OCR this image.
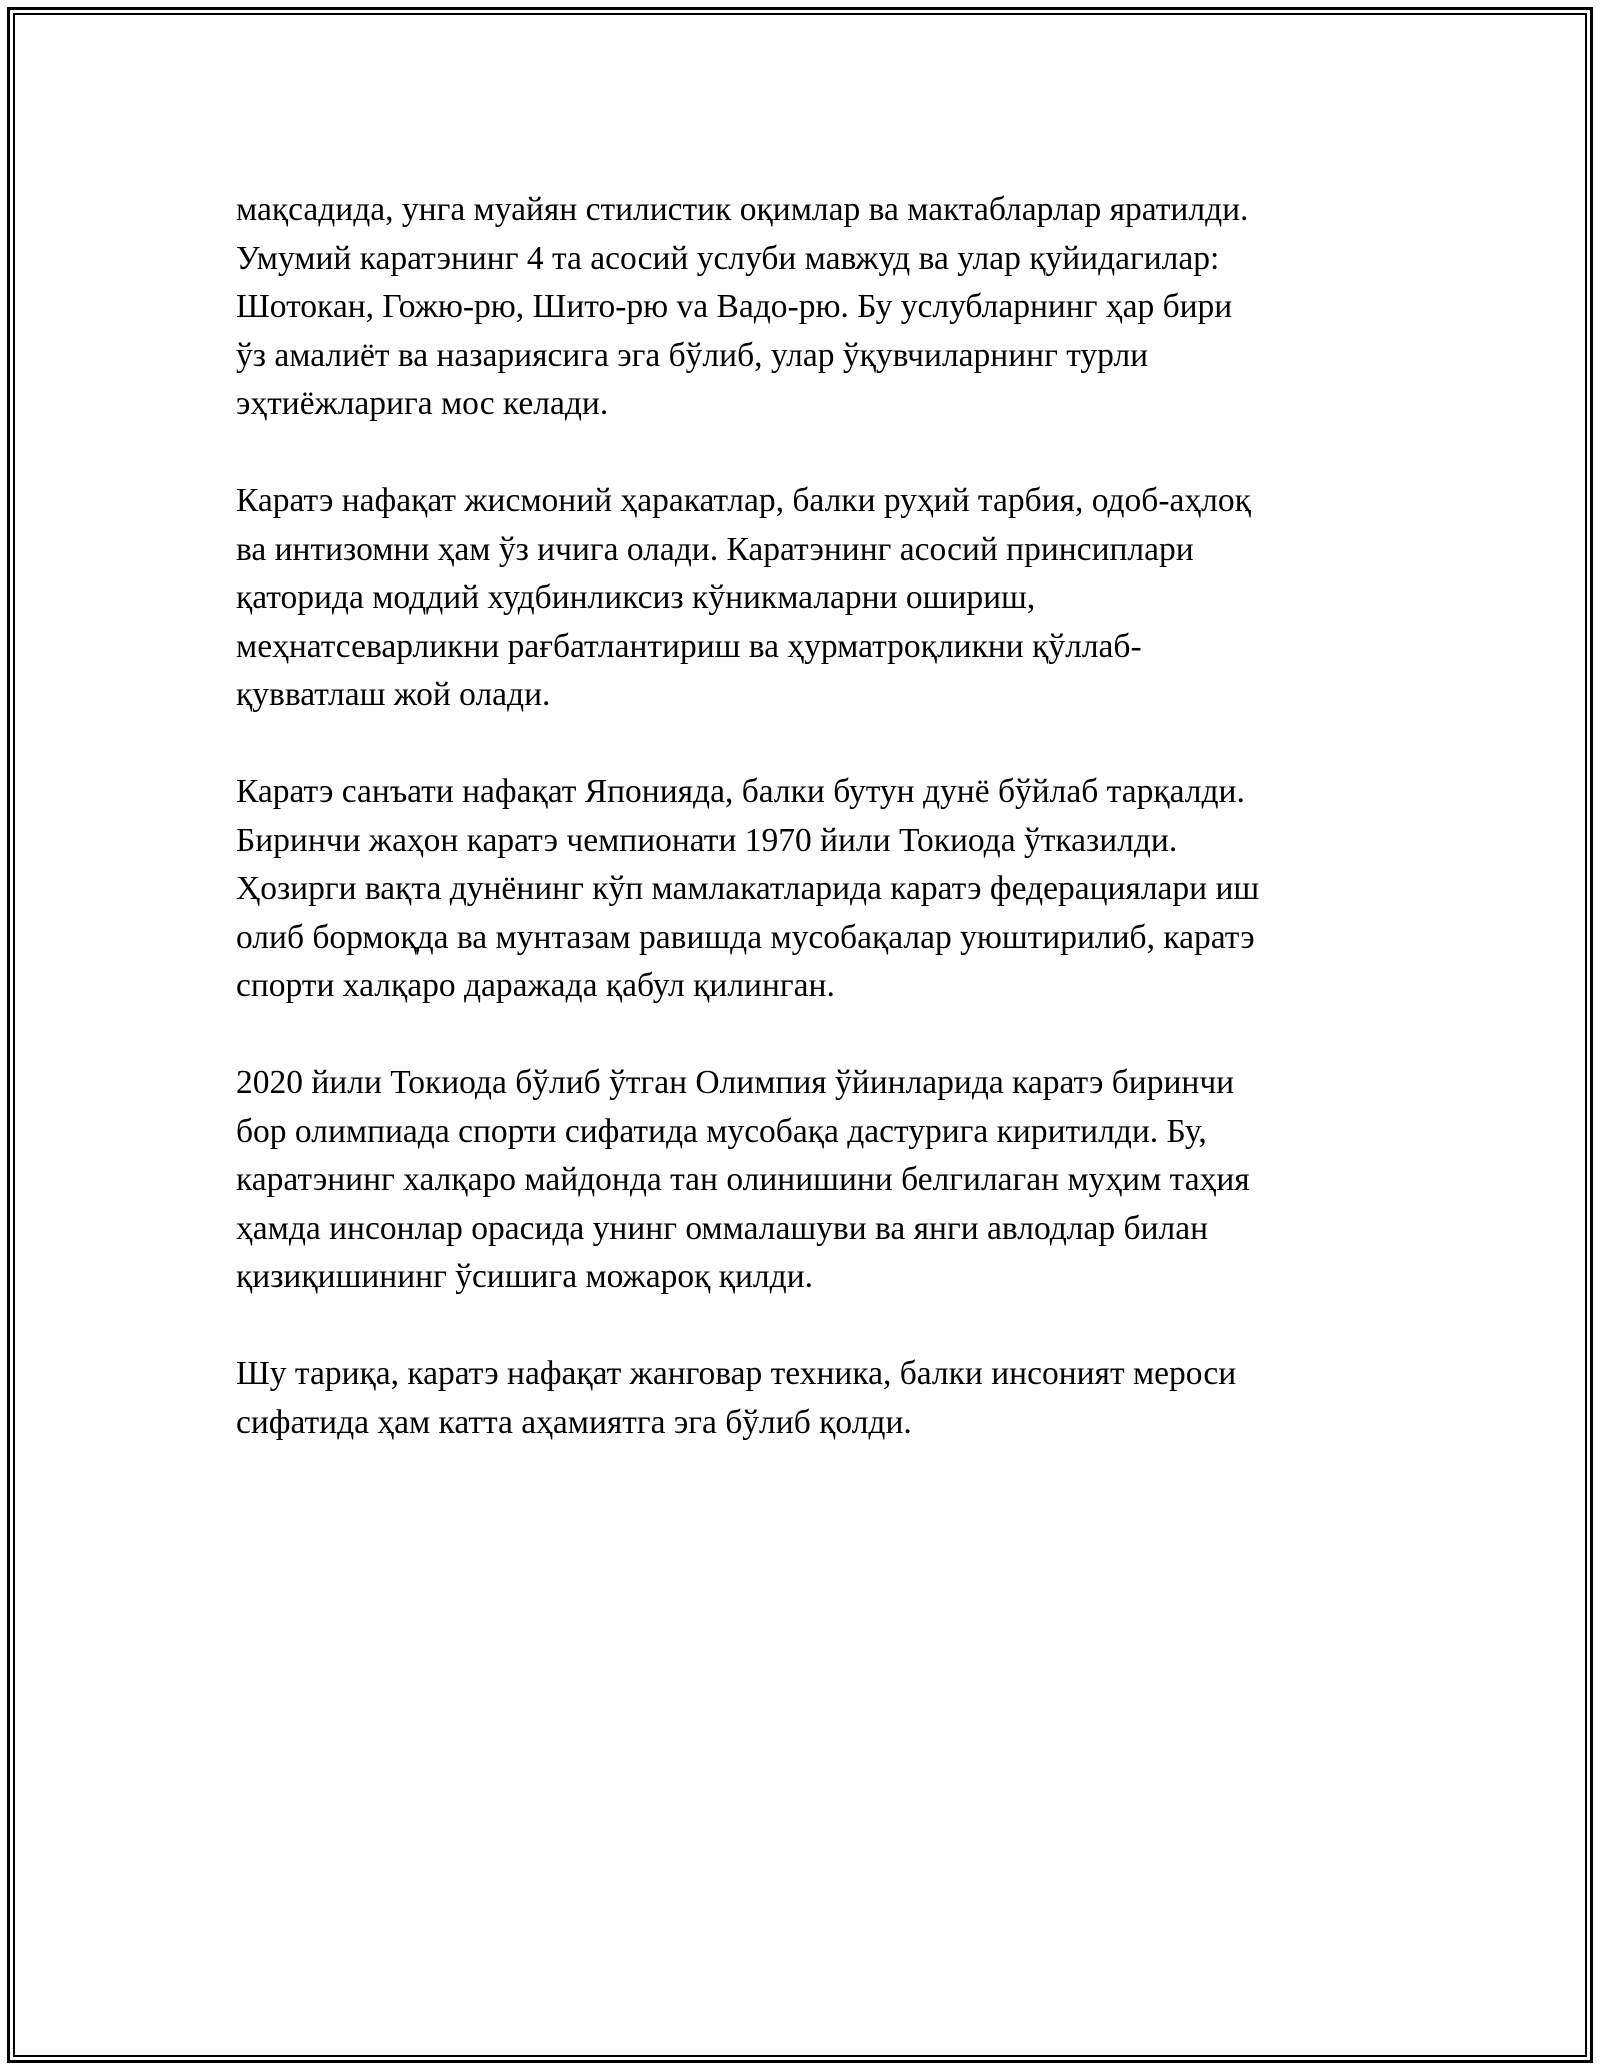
мақсадида, унга муайян стилистик оқимлар ва мактабларлар яратилди.
Умумий каратэнинг 4 та асосий услуби мавжуд ва улар қуйидагилар:
Шотокан, Гожю-рю, Шито-рю va Вадо-рю. Бу услубларнинг ҳар бири
ўз амалиёт ва назариясига эга бўлиб, улар ўқувчиларнинг турли
эҳтиёжларига мос келади.
Каратэ нафақат жисмоний ҳаракатлар, балки руҳий тарбия, одоб-аҳлоқ
ва интизомни ҳам ўз ичига олади. Каратэнинг асосий принсиплари
қаторида моддий худбинликсиз кўникмаларни ошириш,
меҳнатсеварликни рағбатлантириш ва ҳурматроқликни қўллаб-
қувватлаш жой олади.
Каратэ санъати нафақат Японияда, балки бутун дунё бўйлаб тарқалди.
Биринчи жаҳон каратэ чемпионати 1970 йили Токиода ўтказилди.
Ҳозирги вақта дунёнинг кўп мамлакатларида каратэ федерациялари иш
олиб бормоқда ва мунтазам равишда мусобақалар уюштирилиб, каратэ
спорти халқаро даражада қабул қилинган.
2020 йили Токиода бўлиб ўтган Олимпия ўйинларида каратэ биринчи
бор олимпиада спорти сифатида мусобақа дастурига киритилди. Бу,
каратэнинг халқаро майдонда тан олинишини белгилаган муҳим таҳия
ҳамда инсонлар орасида унинг оммалашуви ва янги авлодлар билан
қизиқишининг ўсишига можароқ қилди.
Шу тариқа, каратэ нафақат жанговар техника, балки инсоният мероси
сифатида ҳам катта аҳамиятга эга бўлиб қолди.
